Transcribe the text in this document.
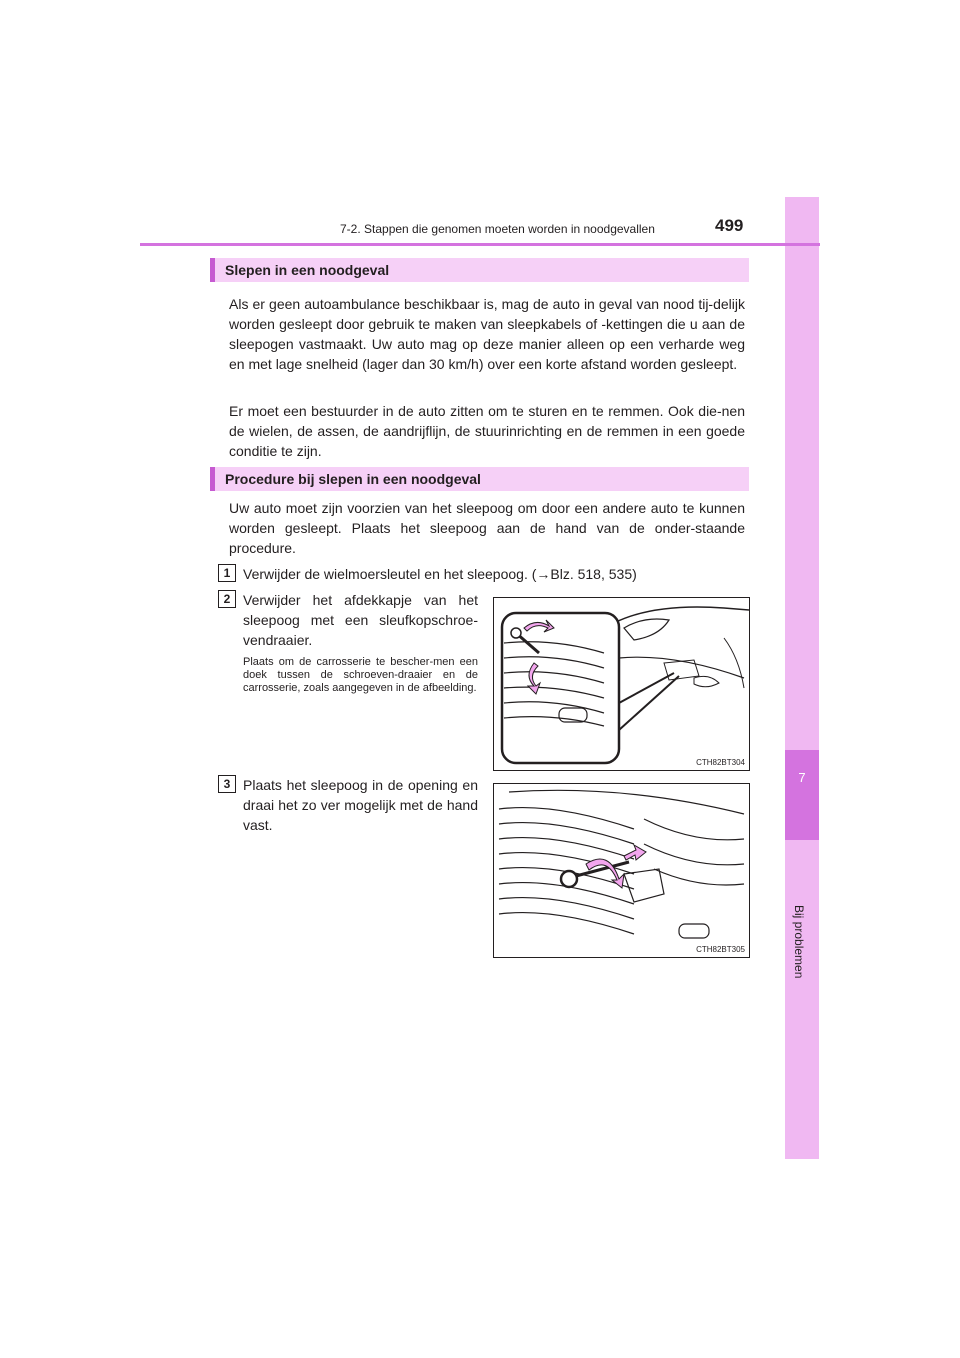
7
Bij problemen
7-2. Stappen die genomen moeten worden in noodgevallen	499
Slepen in een noodgeval
Als er geen autoambulance beschikbaar is, mag de auto in geval van nood tij-delijk worden gesleept door gebruik te maken van sleepkabels of -kettingen die u aan de sleepogen vastmaakt. Uw auto mag op deze manier alleen op een verharde weg en met lage snelheid (lager dan 30 km/h) over een korte afstand worden gesleept.
Er moet een bestuurder in de auto zitten om te sturen en te remmen. Ook die-nen de wielen, de assen, de aandrijflijn, de stuurinrichting en de remmen in een goede conditie te zijn.
Procedure bij slepen in een noodgeval
Uw auto moet zijn voorzien van het sleepoog om door een andere auto te kunnen worden gesleept. Plaats het sleepoog aan de hand van de onder-staande procedure.
1 Verwijder de wielmoersleutel en het sleepoog. (→Blz. 518, 535)
2 Verwijder het afdekkapje van het sleepoog met een sleufkopschroe-vendraaier.
Plaats om de carrosserie te bescher-men een doek tussen de schroeven-draaier en de carrosserie, zoals aangegeven in de afbeelding.
CTH82BT304
3 Plaats het sleepoog in de opening en draai het zo ver mogelijk met de hand vast.
CTH82BT305
